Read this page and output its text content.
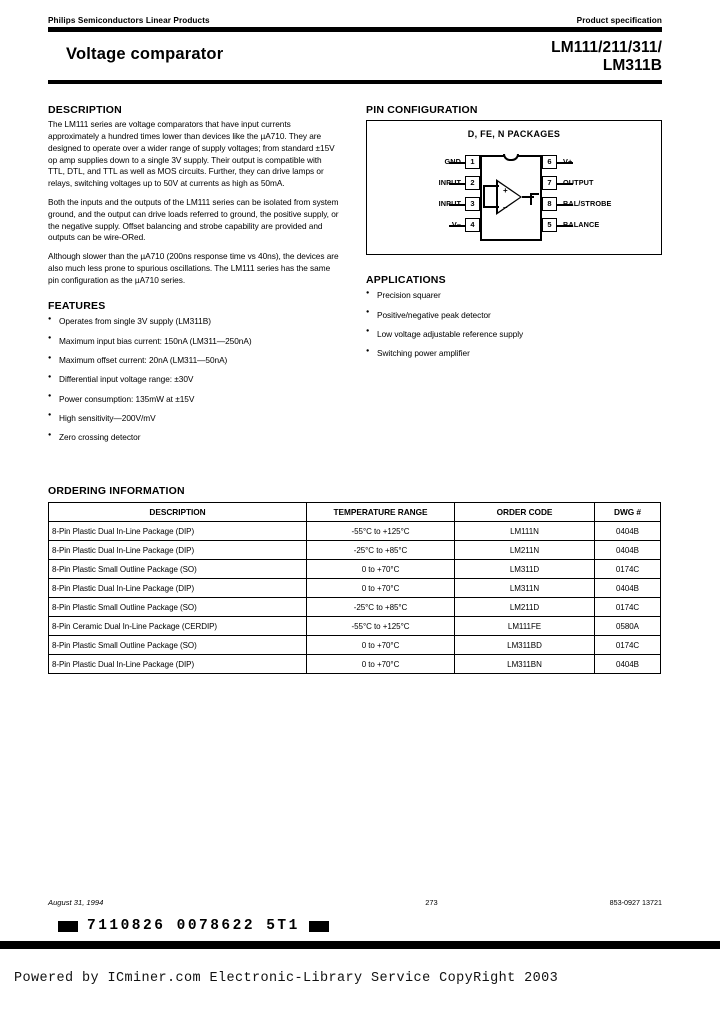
Philips Semiconductors Linear Products	Product specification
Voltage comparator	LM111/211/311/
LM311B
DESCRIPTION

The LM111 series are voltage comparators that have input currents approximately a hundred times lower than devices like the µA710. They are designed to operate over a wider range of supply voltages; from standard ±15V op amp supplies down to a single 3V supply. Their output is compatible with TTL, DTL, and TTL as well as MOS circuits. Further, they can drive lamps or relays, switching voltages up to 50V at currents as high as 50mA.

Both the inputs and the outputs of the LM111 series can be isolated from system ground, and the output can drive loads referred to ground, the positive supply, or the negative supply. Offset balancing and strobe capability are provided and outputs can be wire-ORed.

Although slower than the µA710 (200ns response time vs 40ns), the devices are also much less prone to spurious oscillations. The LM111 series has the same pin configuration as the µA710 series.

FEATURES
● Operates from single 3V supply (LM311B)
● Maximum input bias current: 150nA (LM311—250nA)
● Maximum offset current: 20nA (LM311—50nA)
● Differential input voltage range: ±30V
● Power consumption: 135mW at ±15V
● High sensitivity—200V/mV
● Zero crossing detector
PIN CONFIGURATION
D, FE, N PACKAGES
+
–
1
2
3
4
GND
INPUT
INPUT
V–
6
7
8
5
V+
OUTPUT
BAL/STROBE
BALANCE
APPLICATIONS
● Precision squarer
● Positive/negative peak detector
● Low voltage adjustable reference supply
● Switching power amplifier
ORDERING INFORMATION
DESCRIPTION	TEMPERATURE RANGE	ORDER CODE	DWG #
8-Pin Plastic Dual In-Line Package (DIP)	-55°C to +125°C	LM111N	0404B
8-Pin Plastic Dual In-Line Package (DIP)	-25°C to +85°C	LM211N	0404B
8-Pin Plastic Small Outline Package (SO)	0 to +70°C	LM311D	0174C
8-Pin Plastic Dual In-Line Package (DIP)	0 to +70°C	LM311N	0404B
8-Pin Plastic Small Outline Package (SO)	-25°C to +85°C	LM211D	0174C
8-Pin Ceramic Dual In-Line Package (CERDIP)	-55°C to +125°C	LM111FE	0580A
8-Pin Plastic Small Outline Package (SO)	0 to +70°C	LM311BD	0174C
8-Pin Plastic Dual In-Line Package (DIP)	0 to +70°C	LM311BN	0404B
August 31, 1994	273	853-0927 13721
7110826 0078622 5T1
Powered by ICminer.com Electronic-Library Service CopyRight 2003
